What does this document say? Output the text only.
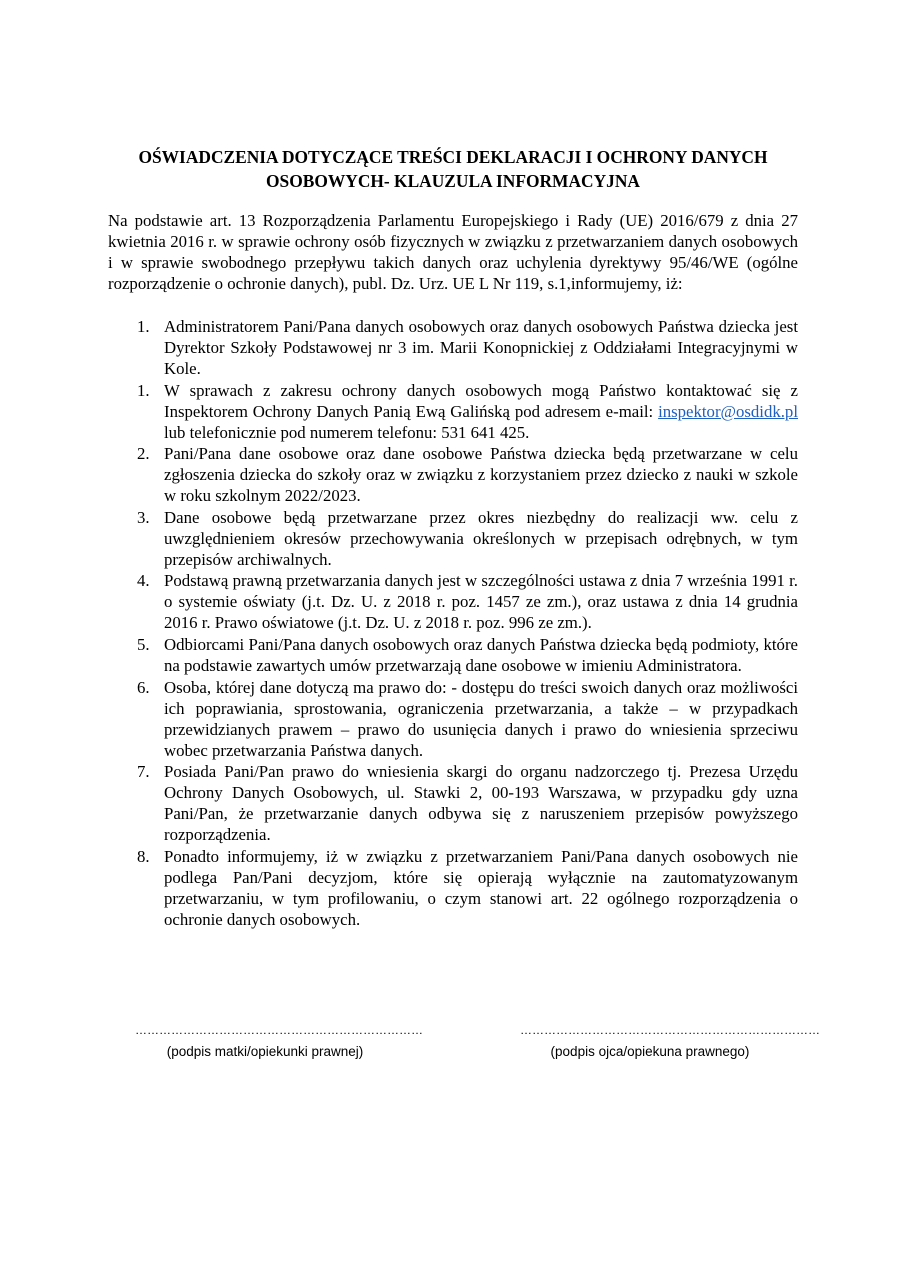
OŚWIADCZENIA DOTYCZĄCE TREŚCI DEKLARACJI I OCHRONY DANYCH
OSOBOWYCH- KLAUZULA INFORMACYJNA

Na podstawie art. 13 Rozporządzenia Parlamentu Europejskiego i Rady (UE) 2016/679 z dnia 27 kwietnia 2016 r. w sprawie ochrony osób fizycznych w związku z przetwarzaniem danych osobowych i w sprawie swobodnego przepływu takich danych oraz uchylenia dyrektywy 95/46/WE (ogólne rozporządzenie o ochronie danych), publ. Dz. Urz. UE L Nr 119, s.1,informujemy, iż:

1. Administratorem Pani/Pana danych osobowych oraz danych osobowych Państwa dziecka jest Dyrektor Szkoły Podstawowej nr 3 im. Marii Konopnickiej z Oddziałami Integracyjnymi w Kole.
1. W sprawach z zakresu ochrony danych osobowych mogą Państwo kontaktować się z Inspektorem Ochrony Danych Panią Ewą Galińską pod adresem e-mail: inspektor@osdidk.pl lub telefonicznie pod numerem telefonu: 531 641 425.
2. Pani/Pana dane osobowe oraz dane osobowe Państwa dziecka będą przetwarzane w celu zgłoszenia dziecka do szkoły oraz w związku z korzystaniem przez dziecko z nauki w szkole w roku szkolnym 2022/2023.
3. Dane osobowe będą przetwarzane przez okres niezbędny do realizacji ww. celu z uwzględnieniem okresów przechowywania określonych w przepisach odrębnych, w tym przepisów archiwalnych.
4. Podstawą prawną przetwarzania danych jest w szczególności ustawa z dnia 7 września 1991 r. o systemie oświaty (j.t. Dz. U. z 2018 r. poz. 1457 ze zm.), oraz ustawa z dnia 14 grudnia 2016 r. Prawo oświatowe (j.t. Dz. U. z 2018 r. poz. 996 ze zm.).
5. Odbiorcami Pani/Pana danych osobowych oraz danych Państwa dziecka będą podmioty, które na podstawie zawartych umów przetwarzają dane osobowe w imieniu Administratora.
6. Osoba, której dane dotyczą ma prawo do: - dostępu do treści swoich danych oraz możliwości ich poprawiania, sprostowania, ograniczenia przetwarzania, a także – w przypadkach przewidzianych prawem – prawo do usunięcia danych i prawo do wniesienia sprzeciwu wobec przetwarzania Państwa danych.
7. Posiada Pani/Pan prawo do wniesienia skargi do organu nadzorczego tj. Prezesa Urzędu Ochrony Danych Osobowych, ul. Stawki 2, 00-193 Warszawa, w przypadku gdy uzna Pani/Pan, że przetwarzanie danych odbywa się z naruszeniem przepisów powyższego rozporządzenia.
8. Ponadto informujemy, iż w związku z przetwarzaniem Pani/Pana danych osobowych nie podlega Pan/Pani decyzjom, które się opierają wyłącznie na zautomatyzowanym przetwarzaniu, w tym profilowaniu, o czym stanowi art. 22 ogólnego rozporządzenia o ochronie danych osobowych.
………………………………………………………………
(podpis matki/opiekunki prawnej)
…………………………………………………………………
(podpis ojca/opiekuna prawnego)
